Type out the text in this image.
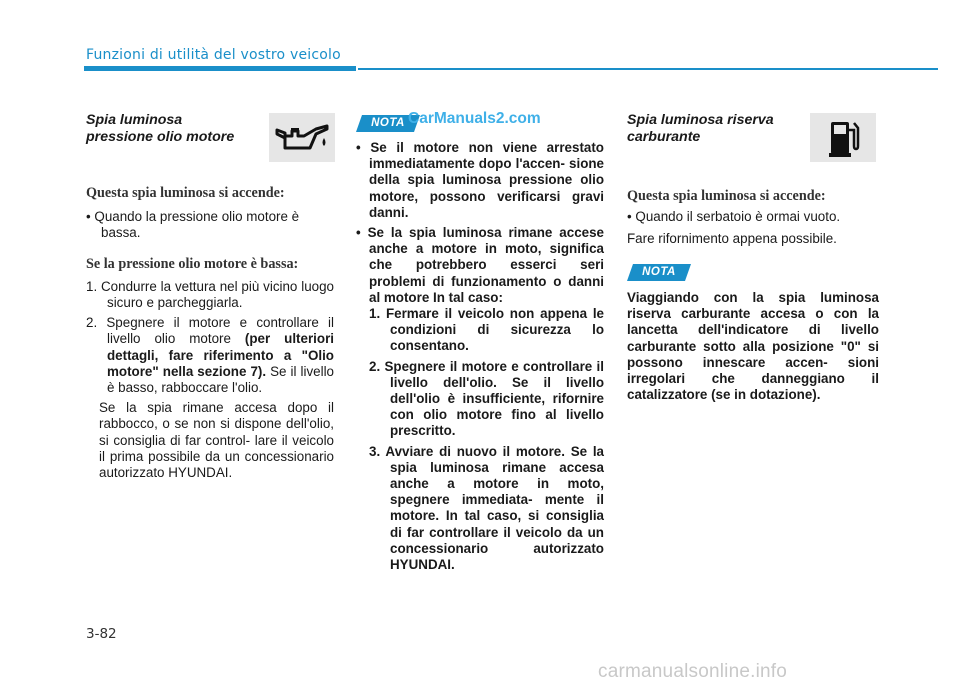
Funzioni di utilità del vostro veicolo

Spia luminosa

pressione olio motore

Questa spia luminosa si accende:

• Quando la pressione olio motore è bassa.

Se la pressione olio motore è bassa:

1. Condurre la vettura nel più vicino luogo sicuro e parcheggiarla.

2. Spegnere il motore e controllare il livello olio motore (per ulteriori dettagli, fare riferimento a "Olio motore" nella sezione 7). Se il livello è basso, rabboccare l'olio.

Se la spia rimane accesa dopo il rabbocco, o se non si dispone dell'olio, si consiglia di far control- lare il veicolo il prima possibile da un concessionario autorizzato HYUNDAI.

NOTA CarManuals2.com

• Se il motore non viene arrestato immediatamente dopo l'accen- sione della spia luminosa pressione olio motore, possono verificarsi gravi danni.

• Se la spia luminosa rimane accese anche a motore in moto, significa che potrebbero esserci seri problemi di funzionamento o danni al motore In tal caso:

1. Fermare il veicolo non appena le condizioni di sicurezza lo consentano.

2. Spegnere il motore e controllare il livello dell'olio. Se il livello dell'olio è insufficiente, rifornire con olio motore fino al livello prescritto.

3. Avviare di nuovo il motore. Se la spia luminosa rimane accesa anche a motore in moto, spegnere immediata- mente il motore. In tal caso, si consiglia di far controllare il veicolo da un concessionario autorizzato HYUNDAI.

Spia luminosa riserva

carburante

Questa spia luminosa si accende:

• Quando il serbatoio è ormai vuoto.

Fare rifornimento appena possibile.

NOTA
Viaggiando con la spia luminosa riserva carburante accesa o con la lancetta dell'indicatore di livello carburante sotto alla posizione "0" si possono innescare accen- sioni irregolari che danneggiano il catalizzatore (se in dotazione).
3-82
carmanualsonline.info
